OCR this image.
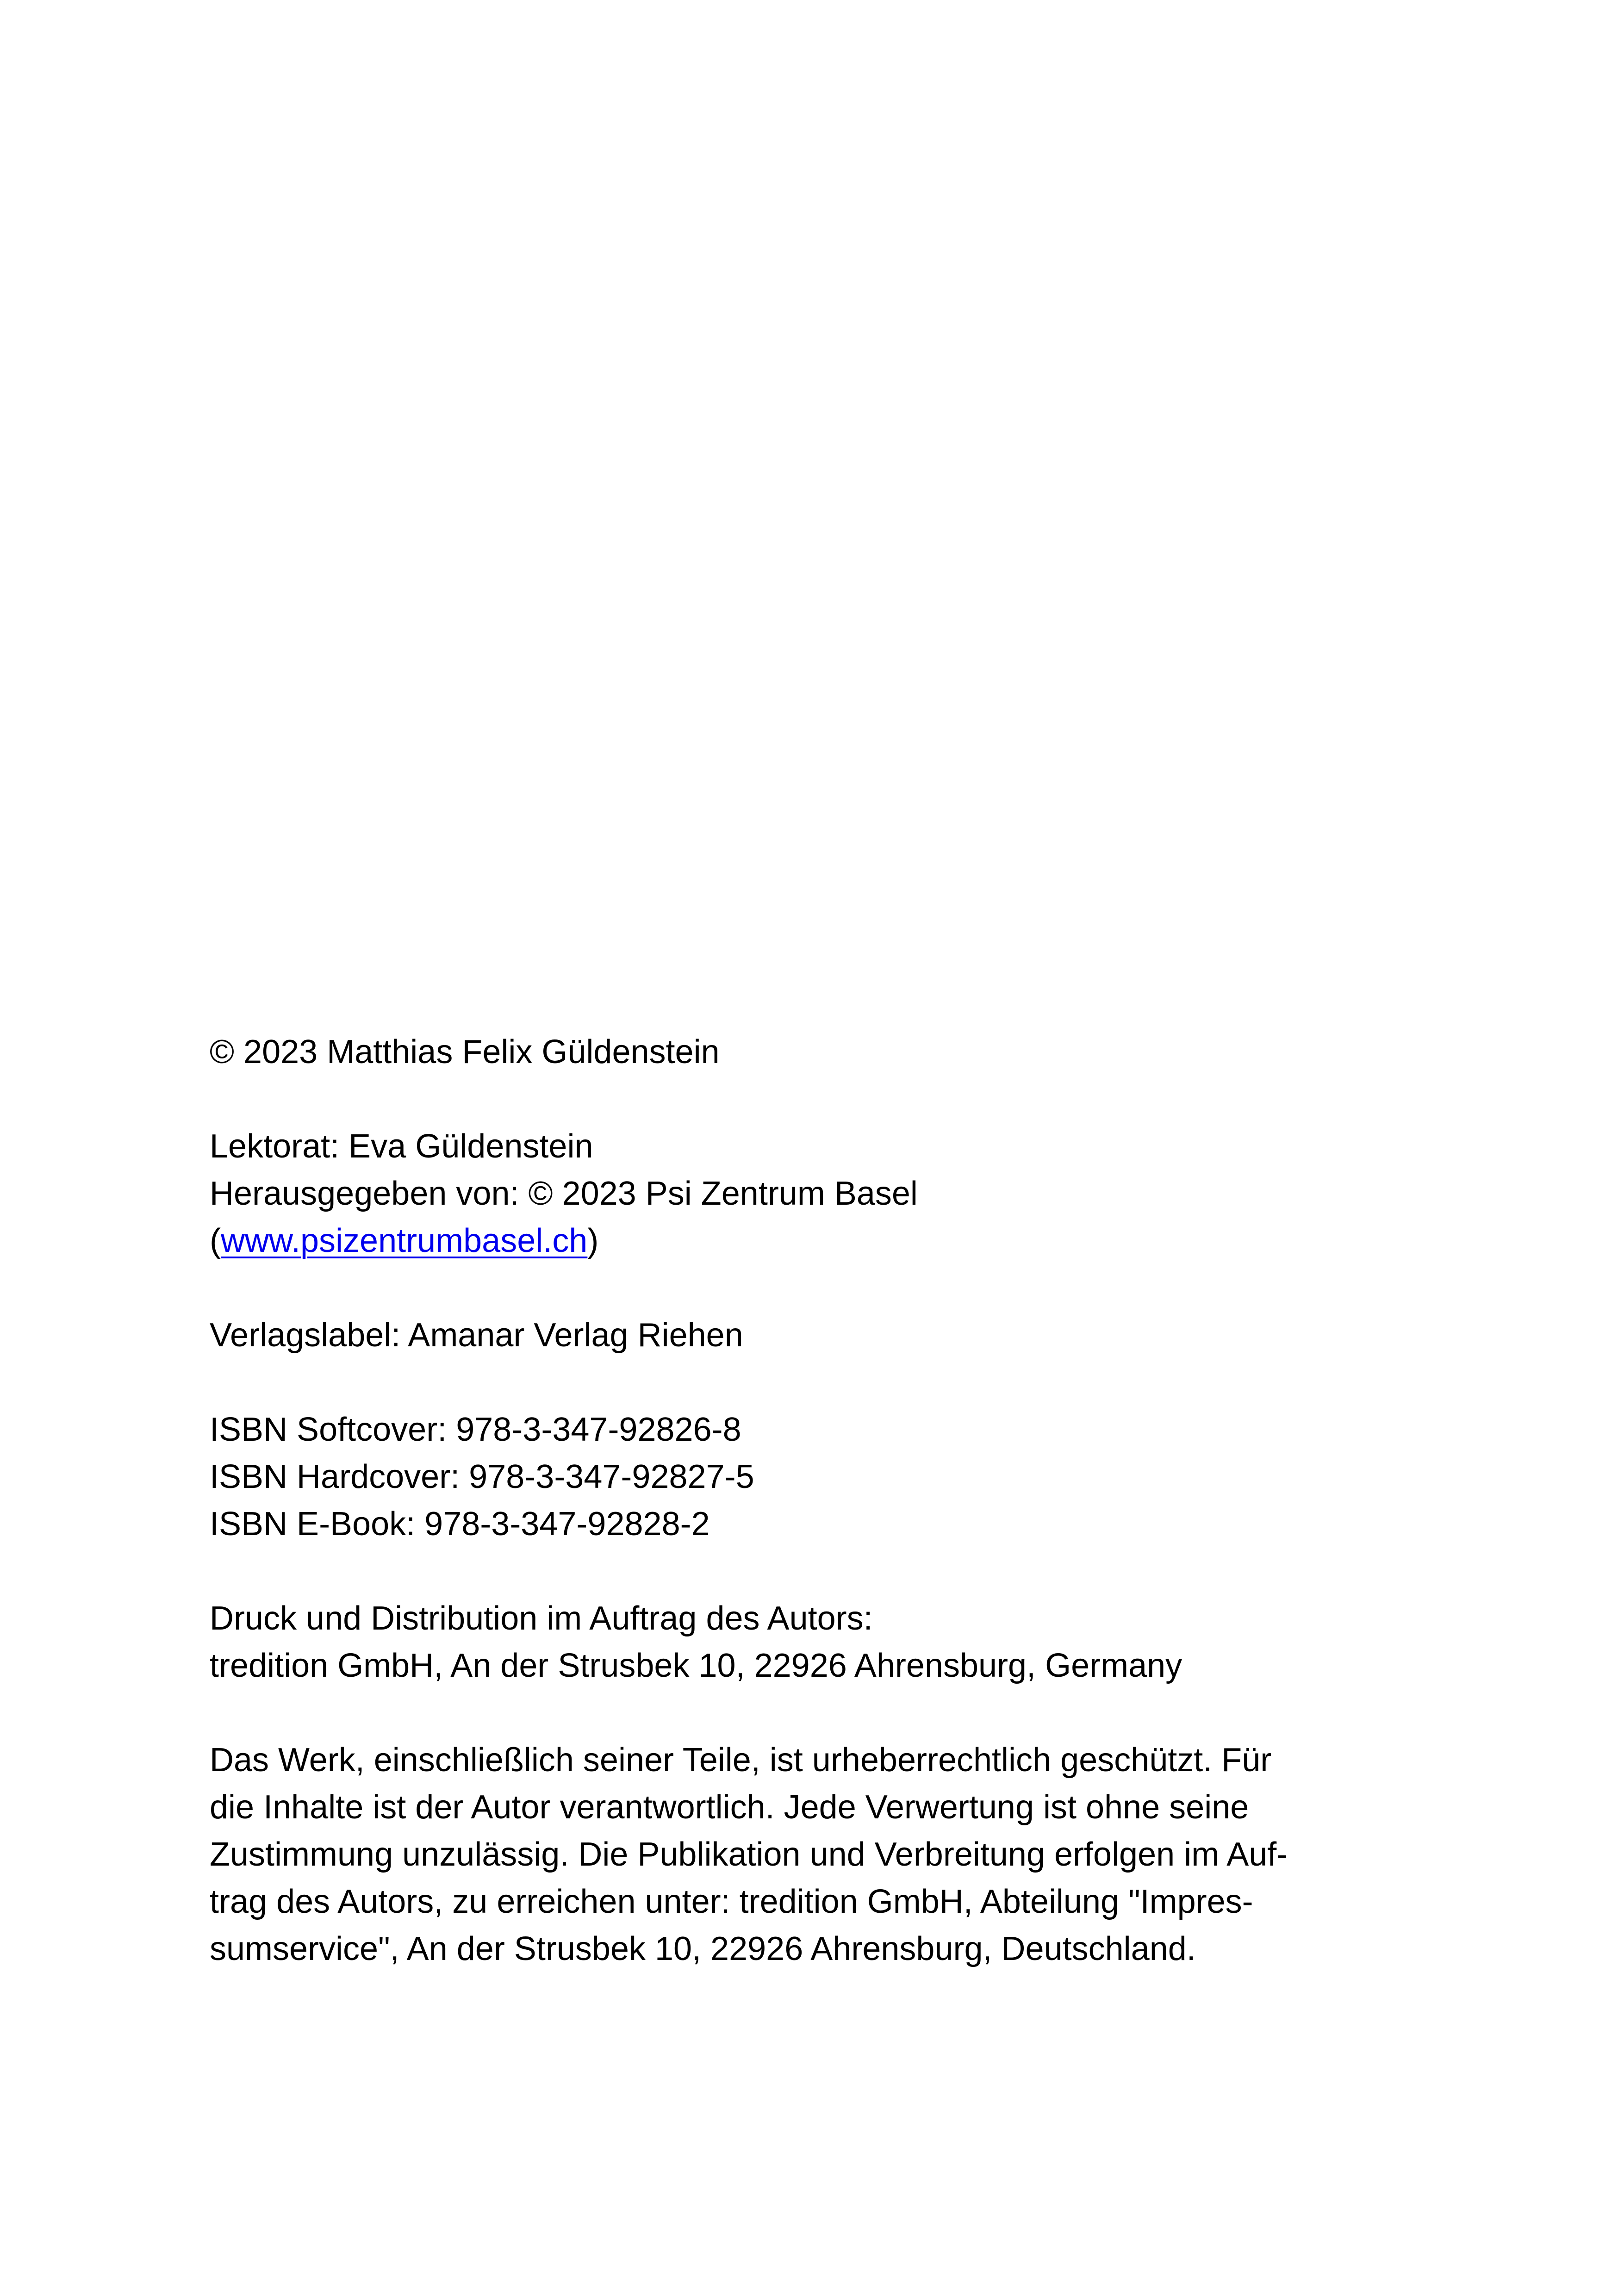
© 2023 Matthias Felix Güldenstein
Lektorat: Eva Güldenstein
Herausgegeben von: © 2023 Psi Zentrum Basel
(www.psizentrumbasel.ch)
Verlagslabel: Amanar Verlag Riehen
ISBN Softcover: 978-3-347-92826-8
ISBN Hardcover: 978-3-347-92827-5
ISBN E-Book: 978-3-347-92828-2
Druck und Distribution im Auftrag des Autors:
tredition GmbH, An der Strusbek 10, 22926 Ahrensburg, Germany
Das Werk, einschließlich seiner Teile, ist urheberrechtlich geschützt. Für
die Inhalte ist der Autor verantwortlich. Jede Verwertung ist ohne seine
Zustimmung unzulässig. Die Publikation und Verbreitung erfolgen im Auf-
trag des Autors, zu erreichen unter: tredition GmbH, Abteilung "Impres-
sumservice", An der Strusbek 10, 22926 Ahrensburg, Deutschland.
